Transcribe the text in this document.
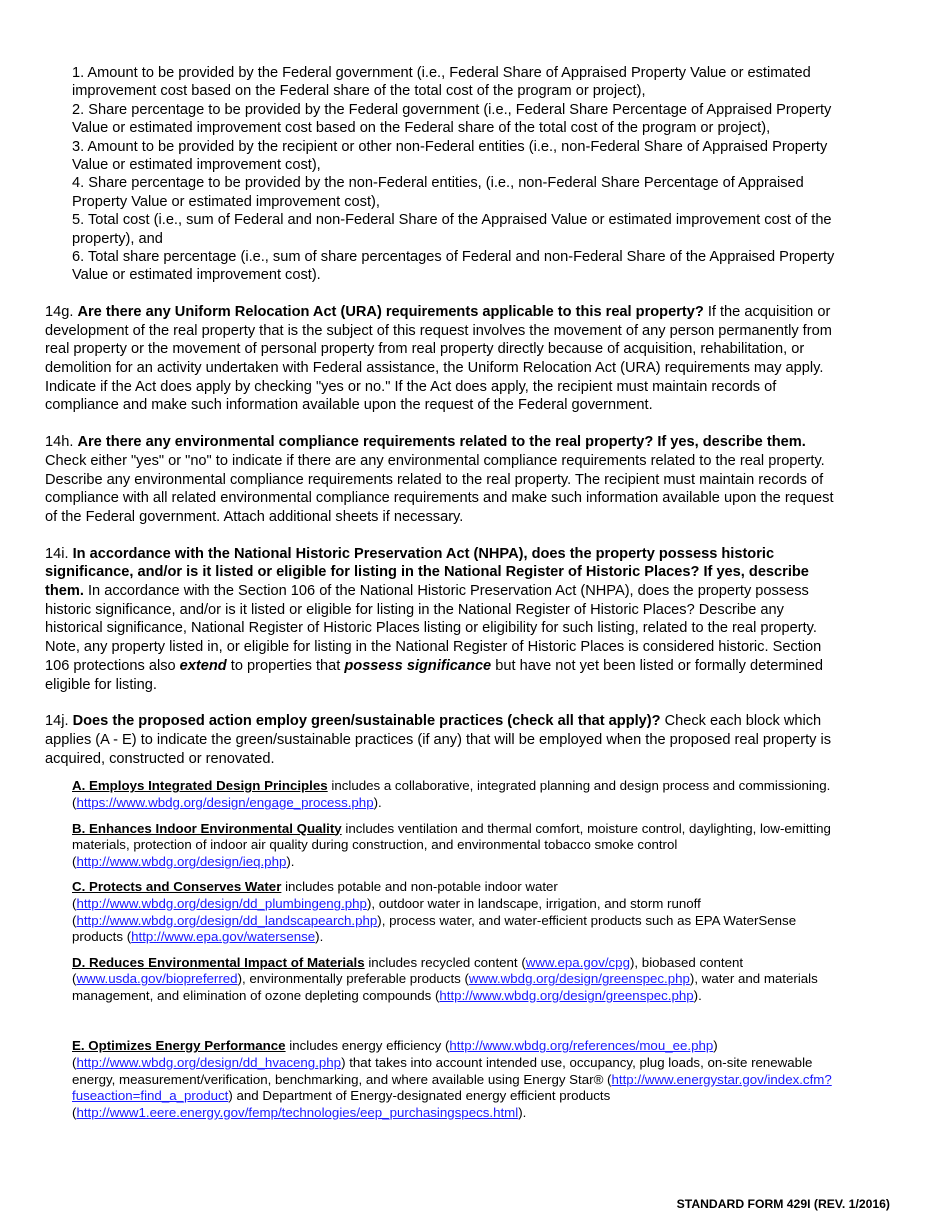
1. Amount to be provided by the Federal government (i.e., Federal Share of Appraised Property Value or estimated improvement cost based on the Federal share of the total cost of the program or project),

2. Share percentage to be provided by the Federal government (i.e., Federal Share Percentage of Appraised Property Value or estimated improvement cost based on the Federal share of the total cost of the program or project),

3. Amount to be provided by the recipient or other non-Federal entities (i.e., non-Federal Share of Appraised Property Value or estimated improvement cost),

4. Share percentage to be provided by the non-Federal entities, (i.e., non-Federal Share Percentage of Appraised Property Value or estimated improvement cost),

5. Total cost (i.e., sum of Federal and non-Federal Share of the Appraised Value or estimated improvement cost of the property), and

6. Total share percentage (i.e., sum of share percentages of Federal and non-Federal Share of the Appraised Property Value or estimated improvement cost).

14g. Are there any Uniform Relocation Act (URA) requirements applicable to this real property? If the acquisition or development of the real property that is the subject of this request involves the movement of any person permanently from real property or the movement of personal property from real property directly because of acquisition, rehabilitation, or demolition for an activity undertaken with Federal assistance, the Uniform Relocation Act (URA) requirements may apply. Indicate if the Act does apply by checking "yes or no." If the Act does apply, the recipient must maintain records of compliance and make such information available upon the request of the Federal government.

14h. Are there any environmental compliance requirements related to the real property? If yes, describe them. Check either "yes" or "no" to indicate if there are any environmental compliance requirements related to the real property. Describe any environmental compliance requirements related to the real property. The recipient must maintain records of compliance with all related environmental compliance requirements and make such information available upon the request of the Federal government. Attach additional sheets if necessary.

14i. In accordance with the National Historic Preservation Act (NHPA), does the property possess historic significance, and/or is it listed or eligible for listing in the National Register of Historic Places? If yes, describe them. In accordance with the Section 106 of the National Historic Preservation Act (NHPA), does the property possess historic significance, and/or is it listed or eligible for listing in the National Register of Historic Places? Describe any historical significance, National Register of Historic Places listing or eligibility for such listing, related to the real property. Note, any property listed in, or eligible for listing in the National Register of Historic Places is considered historic. Section 106 protections also extend to properties that possess significance but have not yet been listed or formally determined eligible for listing.

14j. Does the proposed action employ green/sustainable practices (check all that apply)? Check each block which applies (A - E) to indicate the green/sustainable practices (if any) that will be employed when the proposed real property is acquired, constructed or renovated.

A. Employs Integrated Design Principles includes a collaborative, integrated planning and design process and commissioning. (https://www.wbdg.org/design/engage_process.php).

B. Enhances Indoor Environmental Quality includes ventilation and thermal comfort, moisture control, daylighting, low-emitting materials, protection of indoor air quality during construction, and environmental tobacco smoke control (http://www.wbdg.org/design/ieq.php).

C. Protects and Conserves Water includes potable and non-potable indoor water (http://www.wbdg.org/design/dd_plumbingeng.php), outdoor water in landscape, irrigation, and storm runoff (http://www.wbdg.org/design/dd_landscapearch.php), process water, and water-efficient products such as EPA WaterSense products (http://www.epa.gov/watersense).

D. Reduces Environmental Impact of Materials includes recycled content (www.epa.gov/cpg), biobased content (www.usda.gov/biopreferred), environmentally preferable products (www.wbdg.org/design/greenspec.php), water and materials management, and elimination of ozone depleting compounds (http://www.wbdg.org/design/greenspec.php).

E. Optimizes Energy Performance includes energy efficiency (http://www.wbdg.org/references/mou_ee.php) (http://www.wbdg.org/design/dd_hvaceng.php) that takes into account intended use, occupancy, plug loads, on-site renewable energy, measurement/verification, benchmarking, and where available using Energy Star® (http://www.energystar.gov/index.cfm?fuseaction=find_a_product) and Department of Energy-designated energy efficient products (http://www1.eere.energy.gov/femp/technologies/eep_purchasingspecs.html).

STANDARD FORM 429I (REV. 1/2016)
